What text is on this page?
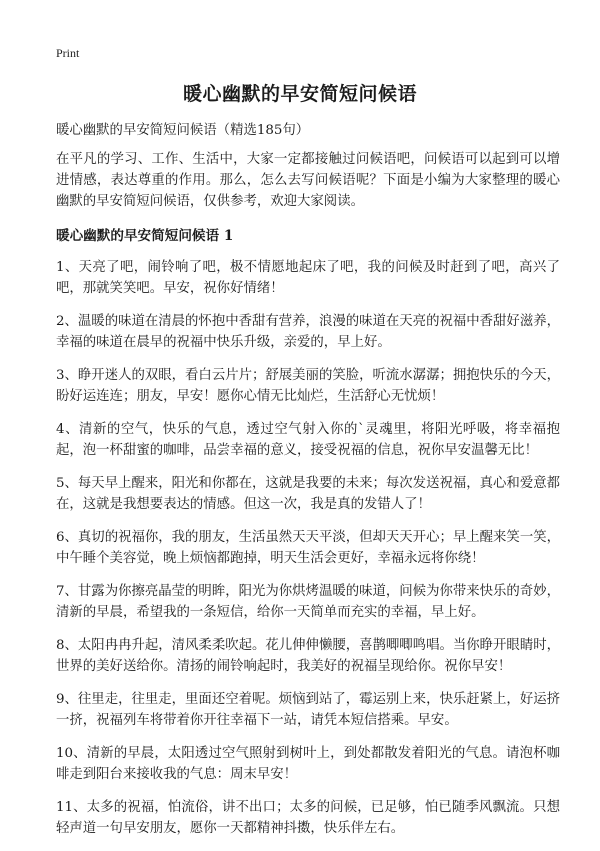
Print
暖心幽默的早安简短问候语

暖心幽默的早安简短问候语（精选185句）

在平凡的学习、工作、生活中，大家一定都接触过问候语吧，问候语可以起到可以增进情感，表达尊重的作用。那么，怎么去写问候语呢？下面是小编为大家整理的暖心幽默的早安简短问候语，仅供参考，欢迎大家阅读。

暖心幽默的早安简短问候语 1

1、天亮了吧，闹铃响了吧，极不情愿地起床了吧，我的问候及时赶到了吧，高兴了吧，那就笑笑吧。早安，祝你好情绪！

2、温暖的味道在清晨的怀抱中香甜有营养，浪漫的味道在天亮的祝福中香甜好滋养，幸福的味道在晨早的祝福中快乐升级，亲爱的，早上好。

3、睁开迷人的双眼，看白云片片；舒展美丽的笑脸，听流水潺潺；拥抱快乐的今天，盼好运连连；朋友，早安！愿你心情无比灿烂，生活舒心无忧烦！

4、清新的空气，快乐的气息，透过空气射入你的`灵魂里，将阳光呼吸，将幸福抱起，泡一杯甜蜜的咖啡，品尝幸福的意义，接受祝福的信息，祝你早安温馨无比！

5、每天早上醒来，阳光和你都在，这就是我要的未来；每次发送祝福，真心和爱意都在，这就是我想要表达的情感。但这一次，我是真的发错人了！

6、真切的祝福你，我的朋友，生活虽然天天平淡，但却天天开心；早上醒来笑一笑，中午睡个美容觉，晚上烦恼都跑掉，明天生活会更好，幸福永远将你绕！

7、甘露为你擦亮晶莹的明眸，阳光为你烘烤温暖的味道，问候为你带来快乐的奇妙，清新的早晨，希望我的一条短信，给你一天简单而充实的幸福，早上好。

8、太阳冉冉升起，清风柔柔吹起。花儿伸伸懒腰，喜鹊唧唧鸣唱。当你睁开眼睛时，世界的美好送给你。清扬的闹铃响起时，我美好的祝福呈现给你。祝你早安！

9、往里走，往里走，里面还空着呢。烦恼到站了，霉运别上来，快乐赶紧上，好运挤一挤，祝福列车将带着你开往幸福下一站，请凭本短信搭乘。早安。

10、清新的早晨，太阳透过空气照射到树叶上，到处都散发着阳光的气息。请泡杯咖啡走到阳台来接收我的气息：周末早安！

11、太多的祝福，怕流俗，讲不出口；太多的问候，已足够，怕已随季风飘流。只想轻声道一句早安朋友，愿你一天都精神抖擞，快乐伴左右。
